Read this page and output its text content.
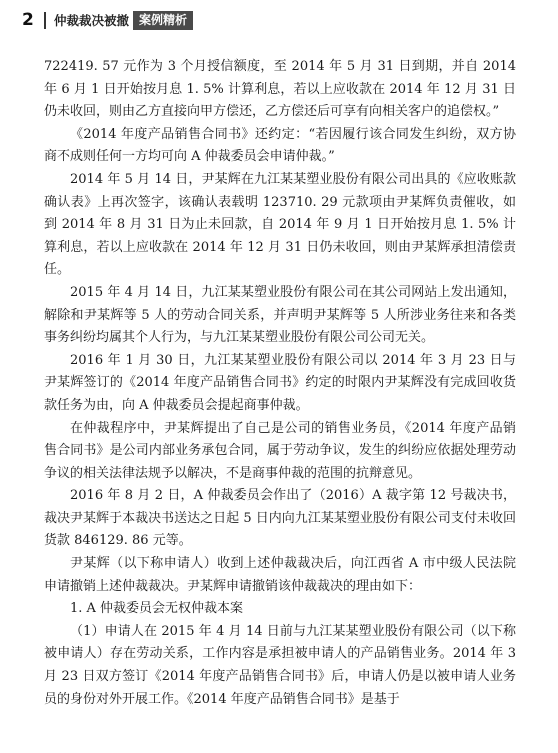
2	仲裁裁决被撤 案例精析

722419. 57 元作为 3 个月授信额度，至 2014 年 5 月 31 日到期，并自 2014 年 6 月 1 日开始按月息 1. 5% 计算利息，若以上应收款在 2014 年 12 月 31 日仍未收回，则由乙方直接向甲方偿还，乙方偿还后可享有向相关客户的追偿权。”

《2014 年度产品销售合同书》还约定：“若因履行该合同发生纠纷，双方协商不成则任何一方均可向 A 仲裁委员会申请仲裁。”

2014 年 5 月 14 日，尹某辉在九江某某塑业股份有限公司出具的《应收账款确认表》上再次签字，该确认表载明 123710. 29 元款项由尹某辉负责催收，如到 2014 年 8 月 31 日为止未回款，自 2014 年 9 月 1 日开始按月息 1. 5% 计算利息，若以上应收款在 2014 年 12 月 31 日仍未收回，则由尹某辉承担清偿责任。

2015 年 4 月 14 日，九江某某塑业股份有限公司在其公司网站上发出通知，解除和尹某辉等 5 人的劳动合同关系，并声明尹某辉等 5 人所涉业务往来和各类事务纠纷均属其个人行为，与九江某某塑业股份有限公司公司无关。

2016 年 1 月 30 日，九江某某塑业股份有限公司以 2014 年 3 月 23 日与尹某辉签订的《2014 年度产品销售合同书》约定的时限内尹某辉没有完成回收货款任务为由，向 A 仲裁委员会提起商事仲裁。

在仲裁程序中，尹某辉提出了自己是公司的销售业务员，《2014 年度产品销售合同书》是公司内部业务承包合同，属于劳动争议，发生的纠纷应依据处理劳动争议的相关法律法规予以解决，不是商事仲裁的范围的抗辩意见。

2016 年 8 月 2 日，A 仲裁委员会作出了（2016）A 裁字第 12 号裁决书，裁决尹某辉于本裁决书送达之日起 5 日内向九江某某塑业股份有限公司支付未收回货款 846129. 86 元等。

尹某辉（以下称申请人）收到上述仲裁裁决后，向江西省 A 市中级人民法院申请撤销上述仲裁裁决。尹某辉申请撤销该仲裁裁决的理由如下：

1. A 仲裁委员会无权仲裁本案

（1）申请人在 2015 年 4 月 14 日前与九江某某塑业股份有限公司（以下称被申请人）存在劳动关系，工作内容是承担被申请人的产品销售业务。2014 年 3 月 23 日双方签订《2014 年度产品销售合同书》后，申请人仍是以被申请人业务员的身份对外开展工作。《2014 年度产品销售合同书》是基于
